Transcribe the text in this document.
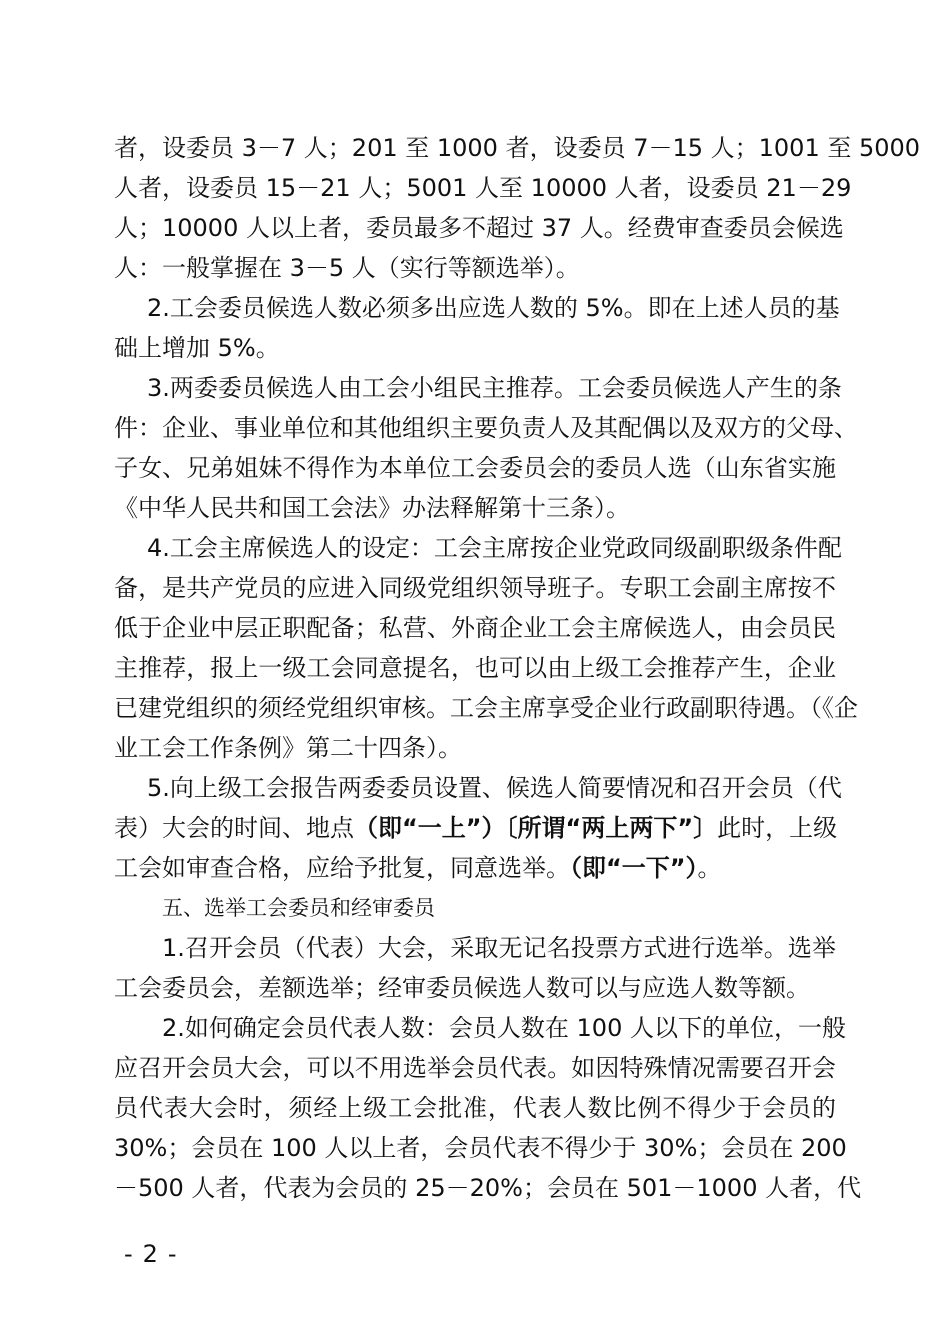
者，设委员 3－7 人；201 至 1000 者，设委员 7－15 人；1001 至 5000
人者，设委员 15－21 人；5001 人至 10000 人者，设委员 21－29
人；10000 人以上者，委员最多不超过 37 人。经费审查委员会候选
人：一般掌握在 3－5 人（实行等额选举）。
2.工会委员候选人数必须多出应选人数的 5%。即在上述人员的基
础上增加 5%。
3.两委委员候选人由工会小组民主推荐。工会委员候选人产生的条
件：企业、事业单位和其他组织主要负责人及其配偶以及双方的父母、
子女、兄弟姐妹不得作为本单位工会委员会的委员人选（山东省实施
《中华人民共和国工会法》办法释解第十三条）。
4.工会主席候选人的设定：工会主席按企业党政同级副职级条件配
备，是共产党员的应进入同级党组织领导班子。专职工会副主席按不
低于企业中层正职配备；私营、外商企业工会主席候选人，由会员民
主推荐，报上一级工会同意提名，也可以由上级工会推荐产生，企业
已建党组织的须经党组织审核。工会主席享受企业行政副职待遇。（《企
业工会工作条例》第二十四条）。
5.向上级工会报告两委委员设置、候选人简要情况和召开会员（代
表）大会的时间、地点（即“一上”）〔所谓“两上两下”〕此时，上级
工会如审查合格，应给予批复，同意选举。（即“一下”）。
五、选举工会委员和经审委员
1.召开会员（代表）大会，采取无记名投票方式进行选举。选举
工会委员会，差额选举；经审委员候选人数可以与应选人数等额。
2.如何确定会员代表人数：会员人数在 100 人以下的单位，一般
应召开会员大会，可以不用选举会员代表。如因特殊情况需要召开会
员代表大会时，须经上级工会批准，代表人数比例不得少于会员的
30%；会员在 100 人以上者，会员代表不得少于 30%；会员在 200
－500 人者，代表为会员的 25－20%；会员在 501－1000 人者，代
-2-
